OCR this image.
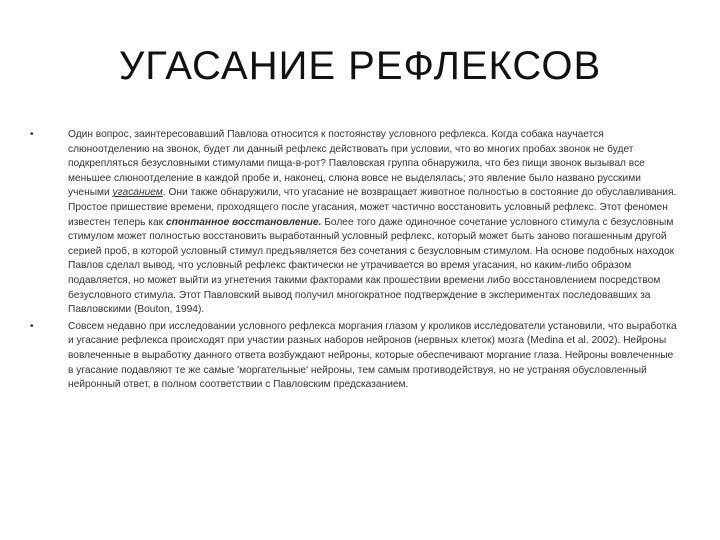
УГАСАНИЕ РЕФЛЕКСОВ
•	Один вопрос, заинтересовавший Павлова относится к постоянству условного рефлекса. Когда собака научается слюноотделению на звонок, будет ли данный рефлекс действовать при условии, что во многих пробах звонок не будет подкрепляться безусловными стимулами пища-в-рот? Павловская группа обнаружила, что без пищи звонок вызывал все меньшее слюноотделение в каждой пробе и, наконец, слюна вовсе не выделялась; это явление было названо русскими учеными угасанием. Они также обнаружили, что угасание не возвращает животное полностью в состояние до обуславливания. Простое пришествие времени, проходящего после угасания, может частично восстановить условный рефлекс. Этот феномен известен теперь как спонтанное восстановление. Более того даже одиночное сочетание условного стимула с безусловным стимулом может полностью восстановить выработанный условный рефлекс, который может быть заново погашенным другой серией проб, в которой условный стимул предъявляется без сочетания с безусловным стимулом. На основе подобных находок Павлов сделал вывод, что условный рефлекс фактически не утрачивается во время угасания, но каким-либо образом подавляется, но может выйти из угнетения такими факторами как прошествии времени либо восстановлением посредством безусловного стимула. Этот Павловский вывод получил многократное подтверждение в экспериментах последовавших за Павловскими (Bouton, 1994).
•	Совсем недавно при исследовании условного рефлекса моргания глазом у кроликов исследователи установили, что выработка и угасание рефлекса происходят при участии разных наборов нейронов (нервных клеток) мозга (Medina et al. 2002). Нейроны вовлеченные в выработку данного ответа возбуждают нейроны, которые обеспечивают моргание глаза. Нейроны вовлеченные в угасание подавляют те же самые 'моргательные' нейроны, тем самым противодействуя, но не устраняя обусловленный нейронный ответ, в полном соответствии с Павловским предсказанием.
